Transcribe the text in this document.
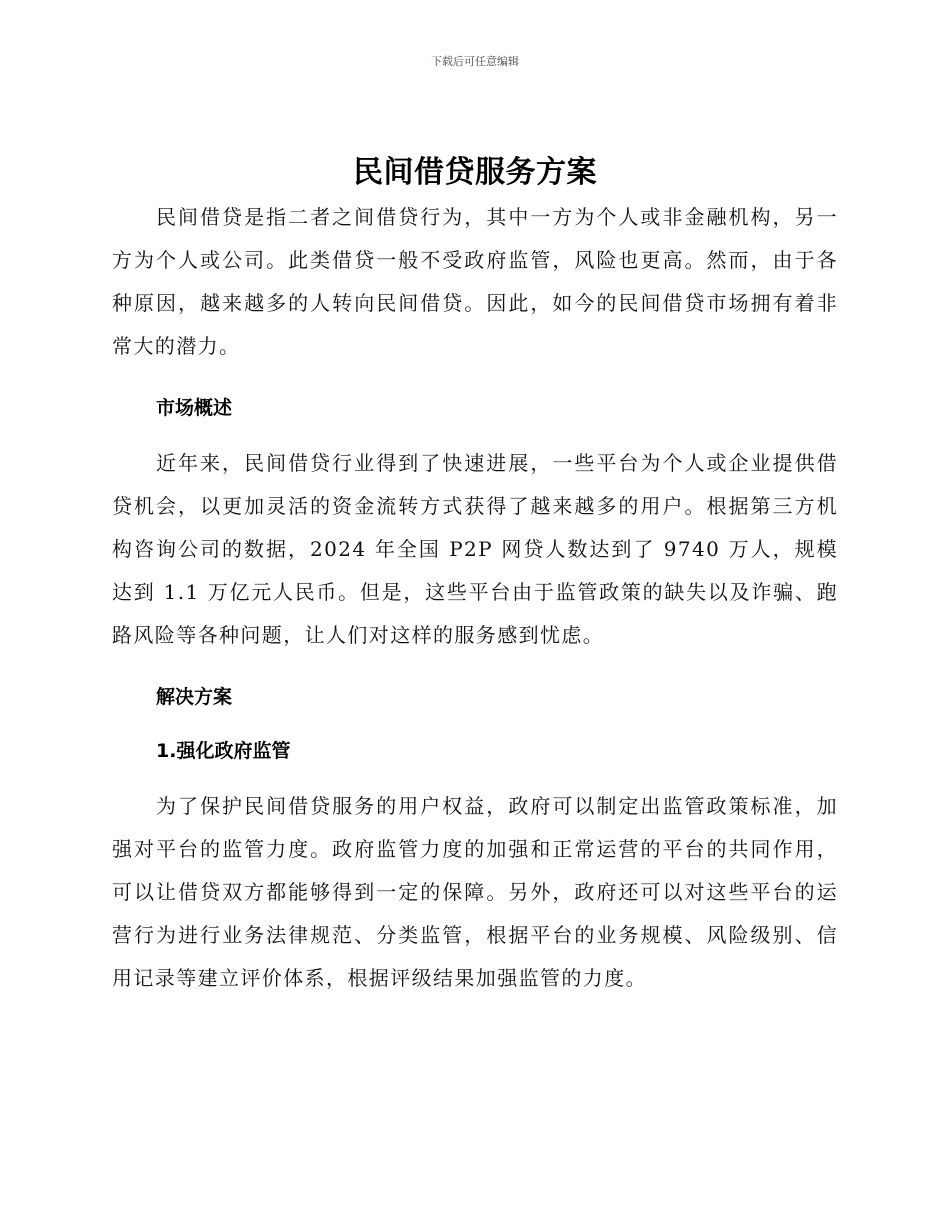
下载后可任意编辑
民间借贷服务方案

民间借贷是指二者之间借贷行为，其中一方为个人或非金融机构，另一方为个人或公司。此类借贷一般不受政府监管，风险也更高。然而，由于各种原因，越来越多的人转向民间借贷。因此，如今的民间借贷市场拥有着非常大的潜力。

市场概述

近年来，民间借贷行业得到了快速进展，一些平台为个人或企业提供借贷机会，以更加灵活的资金流转方式获得了越来越多的用户。根据第三方机构咨询公司的数据，2024 年全国 P2P 网贷人数达到了 9740 万人，规模达到 1.1 万亿元人民币。但是，这些平台由于监管政策的缺失以及诈骗、跑路风险等各种问题，让人们对这样的服务感到忧虑。

解决方案
1.强化政府监管

为了保护民间借贷服务的用户权益，政府可以制定出监管政策标准，加强对平台的监管力度。政府监管力度的加强和正常运营的平台的共同作用，可以让借贷双方都能够得到一定的保障。另外，政府还可以对这些平台的运营行为进行业务法律规范、分类监管，根据平台的业务规模、风险级别、信用记录等建立评价体系，根据评级结果加强监管的力度。
